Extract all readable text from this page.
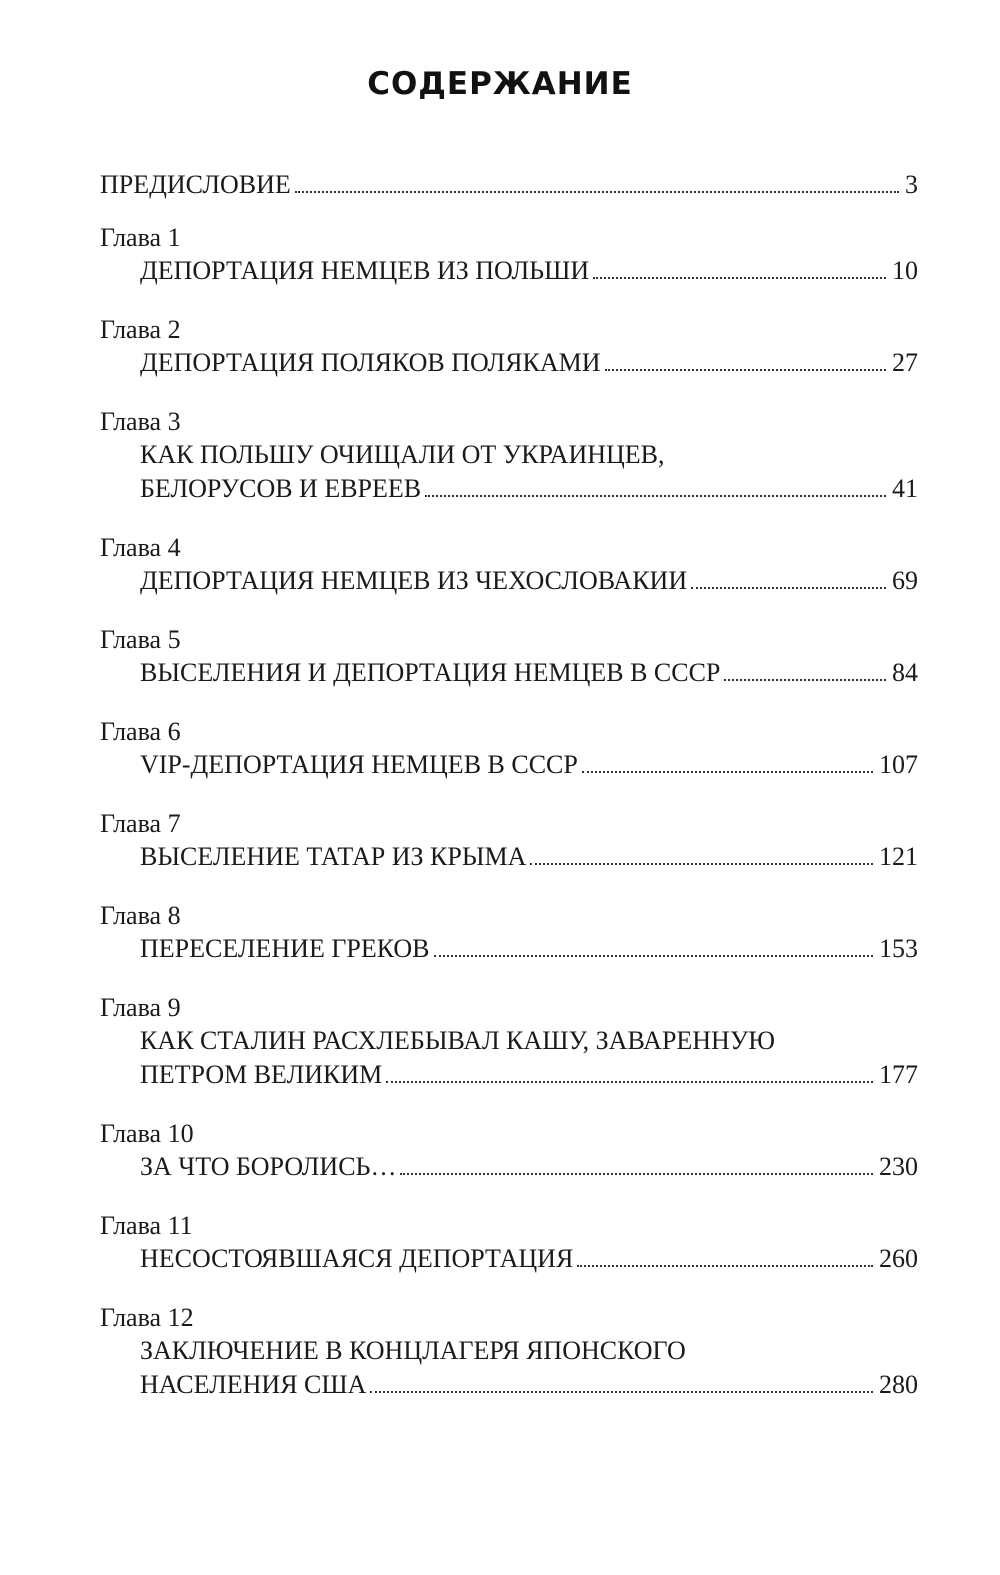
СОДЕРЖАНИЕ
ПРЕДИСЛОВИЕ	3
Глава 1
ДЕПОРТАЦИЯ НЕМЦЕВ ИЗ ПОЛЬШИ	10
Глава 2
ДЕПОРТАЦИЯ ПОЛЯКОВ ПОЛЯКАМИ	27
Глава 3
КАК ПОЛЬШУ ОЧИЩАЛИ ОТ УКРАИНЦЕВ,
БЕЛОРУСОВ И ЕВРЕЕВ	41
Глава 4
ДЕПОРТАЦИЯ НЕМЦЕВ ИЗ ЧЕХОСЛОВАКИИ	69
Глава 5
ВЫСЕЛЕНИЯ И ДЕПОРТАЦИЯ НЕМЦЕВ В СССР	84
Глава 6
VIP-ДЕПОРТАЦИЯ НЕМЦЕВ В СССР	107
Глава 7
ВЫСЕЛЕНИЕ ТАТАР ИЗ КРЫМА	121
Глава 8
ПЕРЕСЕЛЕНИЕ ГРЕКОВ	153
Глава 9
КАК СТАЛИН РАСХЛЕБЫВАЛ КАШУ, ЗАВАРЕННУЮ
ПЕТРОМ ВЕЛИКИМ	177
Глава 10
ЗА ЧТО БОРОЛИСЬ…	230
Глава 11
НЕСОСТОЯВШАЯСЯ ДЕПОРТАЦИЯ	260
Глава 12
ЗАКЛЮЧЕНИЕ В КОНЦЛАГЕРЯ ЯПОНСКОГО
НАСЕЛЕНИЯ США	280
